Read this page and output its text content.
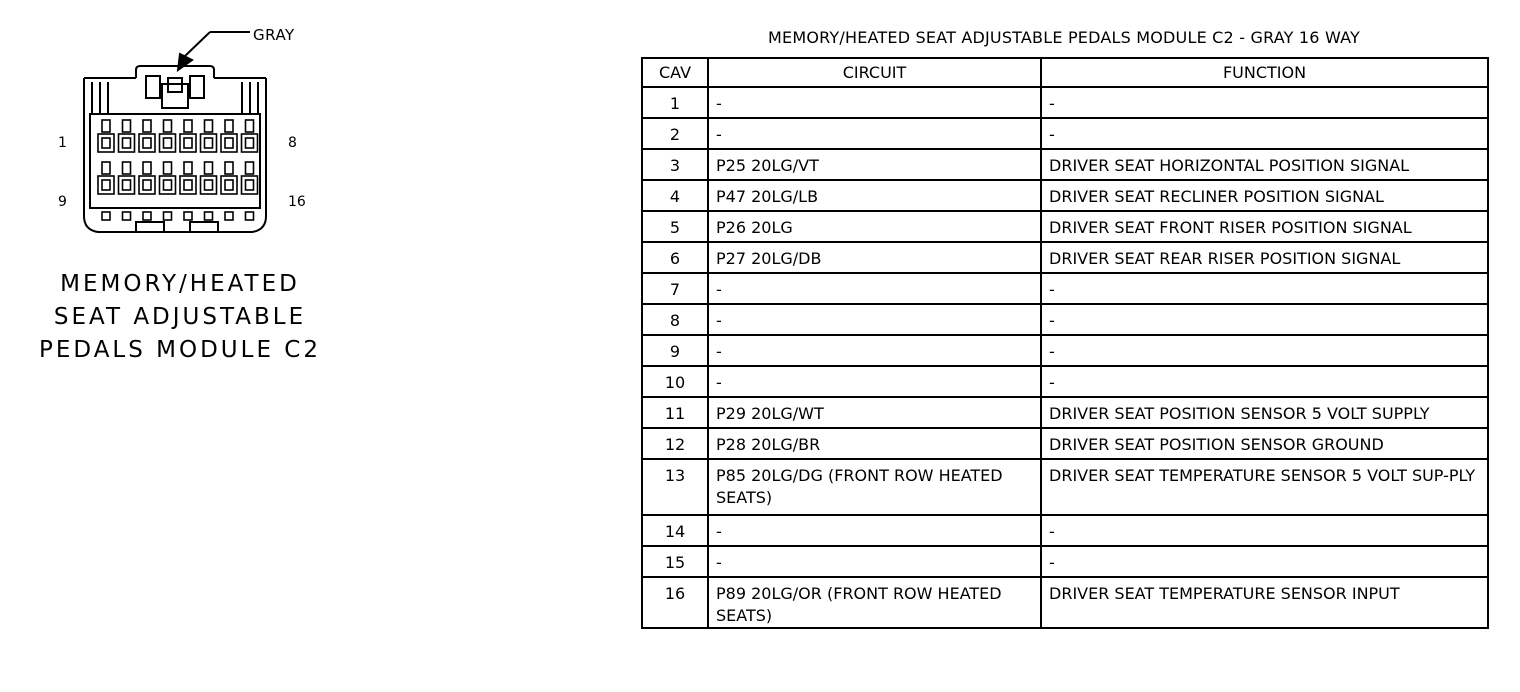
GRAY
1	8
9	16
MEMORY/HEATED
SEAT ADJUSTABLE
PEDALS MODULE C2
MEMORY/HEATED SEAT ADJUSTABLE PEDALS MODULE C2 - GRAY 16 WAY
CAV	CIRCUIT	FUNCTION
1	-	-
2	-	-
3	P25 20LG/VT	DRIVER SEAT HORIZONTAL POSITION SIGNAL
4	P47 20LG/LB	DRIVER SEAT RECLINER POSITION SIGNAL
5	P26 20LG	DRIVER SEAT FRONT RISER POSITION SIGNAL
6	P27 20LG/DB	DRIVER SEAT REAR RISER POSITION SIGNAL
7	-	-
8	-	-
9	-	-
10	-	-
11	P29 20LG/WT	DRIVER SEAT POSITION SENSOR 5 VOLT SUPPLY
12	P28 20LG/BR	DRIVER SEAT POSITION SENSOR GROUND
13	P85 20LG/DG (FRONT ROW HEATED SEATS)	DRIVER SEAT TEMPERATURE SENSOR 5 VOLT SUP-PLY
14	-	-
15	-	-
16	P89 20LG/OR (FRONT ROW HEATED SEATS)	DRIVER SEAT TEMPERATURE SENSOR INPUT
